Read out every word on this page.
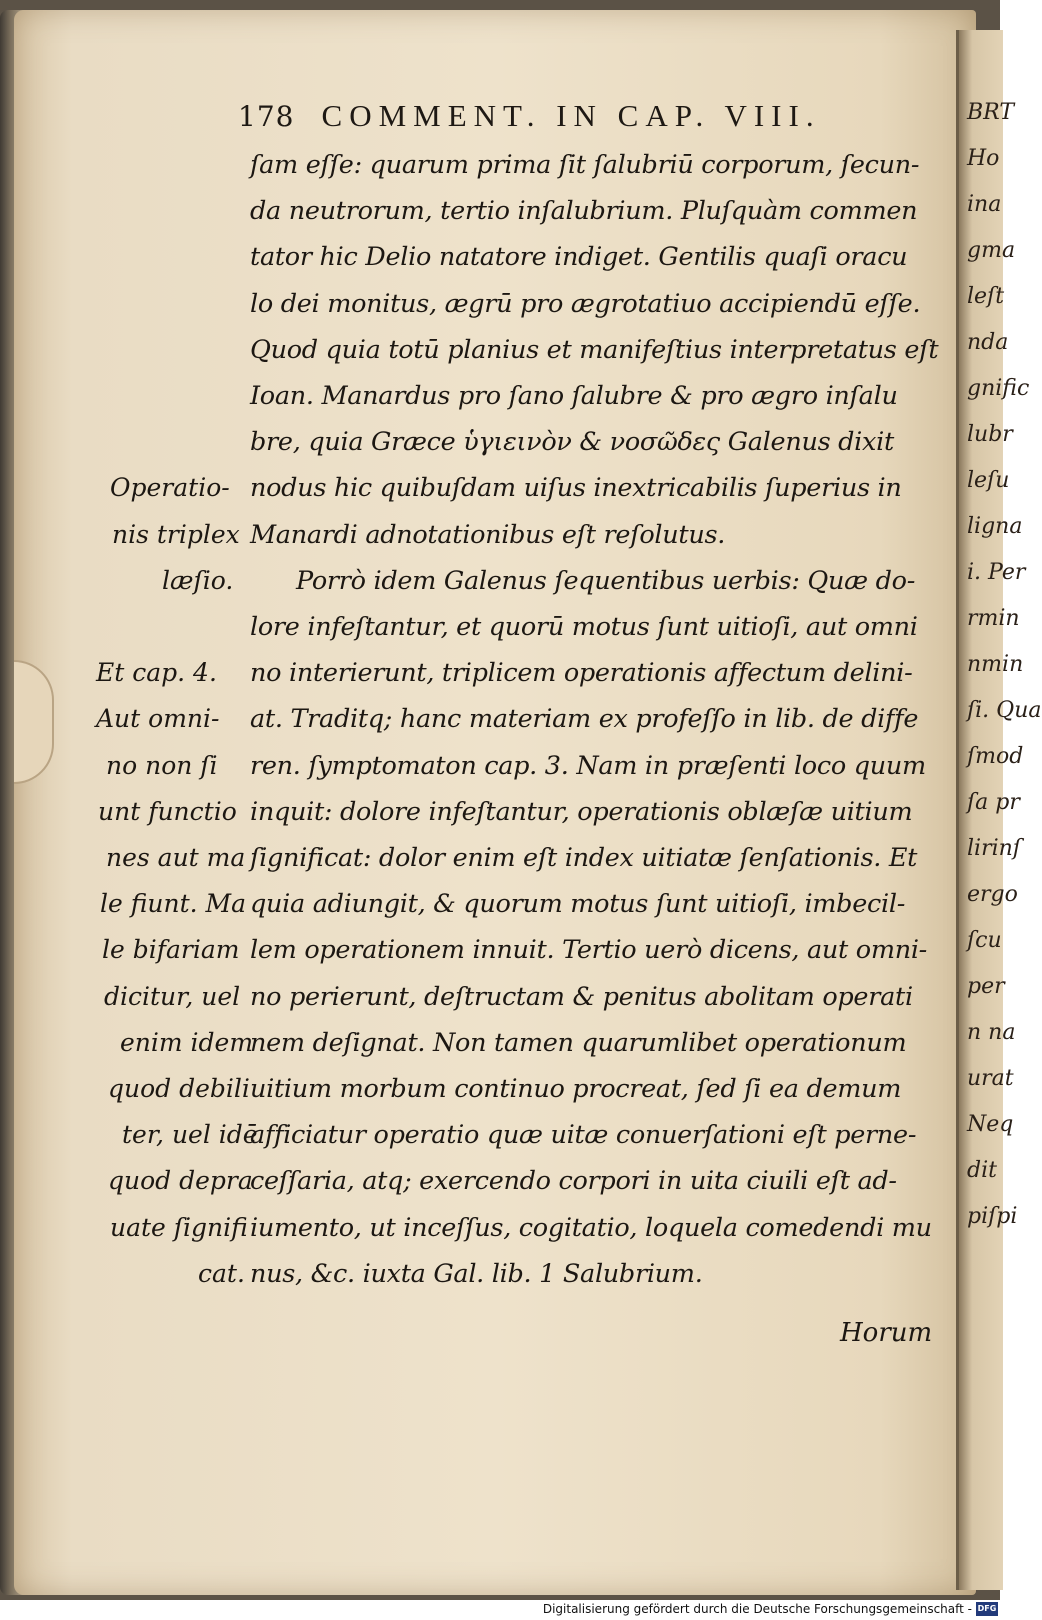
BRT
Ho
ina
gma
leſt
nda
gnific
lubr
leſu
ligna
i. Per
rmin
nmin
ſi. Qua
ſmod
ſa pr
lirinſ
ergo
ſcu
per
n na
urat
Neq
dit
piſpi
178 COMMENT. IN CAP. VIII.
ſam eſſe: quarum prima ſit ſalubriū corporum, ſecun-
da neutrorum, tertio inſalubrium. Pluſquàm commen
tator hic Delio natatore indiget. Gentilis quaſi oracu
lo dei monitus, ægrū pro ægrotatiuo accipiendū eſſe.
Quod quia totū planius et manifeſtius interpretatus eſt
Ioan. Manardus pro ſano ſalubre & pro ægro inſalu
bre, quia Græce ὑγιεινὸν & νοσῶδες Galenus dixit
nodus hic quibuſdam uiſus inextricabilis ſuperius in
Manardi adnotationibus eſt reſolutus.
Porrò idem Galenus ſequentibus uerbis: Quæ do-
lore infeſtantur, et quorū motus ſunt uitioſi, aut omni
no interierunt, triplicem operationis affectum delini-
at. Traditq; hanc materiam ex profeſſo in lib. de diffe
ren. ſymptomaton cap. 3. Nam in præſenti loco quum
inquit: dolore infeſtantur, operationis oblæſæ uitium
ſignificat: dolor enim eſt index uitiatæ ſenſationis. Et
quia adiungit, & quorum motus ſunt uitioſi, imbecil-
lem operationem innuit. Tertio uerò dicens, aut omni-
no perierunt, deſtructam & penitus abolitam operati
nem deſignat. Non tamen quarumlibet operationum
uitium morbum continuo procreat, ſed ſi ea demum
afficiatur operatio quæ uitæ conuerſationi eſt perne-
ceſſaria, atq; exercendo corpori in uita ciuili eſt ad-
iumento, ut inceſſus, cogitatio, loquela comedendi mu
nus, &c. iuxta Gal. lib. 1 Salubrium.
Operatio-
nis triplex
læſio.
Et cap. 4.
Aut omni-
no non ſi
unt functio
nes aut ma
le fiunt. Ma
le bifariam
dicitur, uel
enim idem
quod debili
ter, uel idē
quod depra
uate ſignifi
cat.
Horum
Digitalisierung gefördert durch die Deutsche Forschungsgemeinschaft - DFG
